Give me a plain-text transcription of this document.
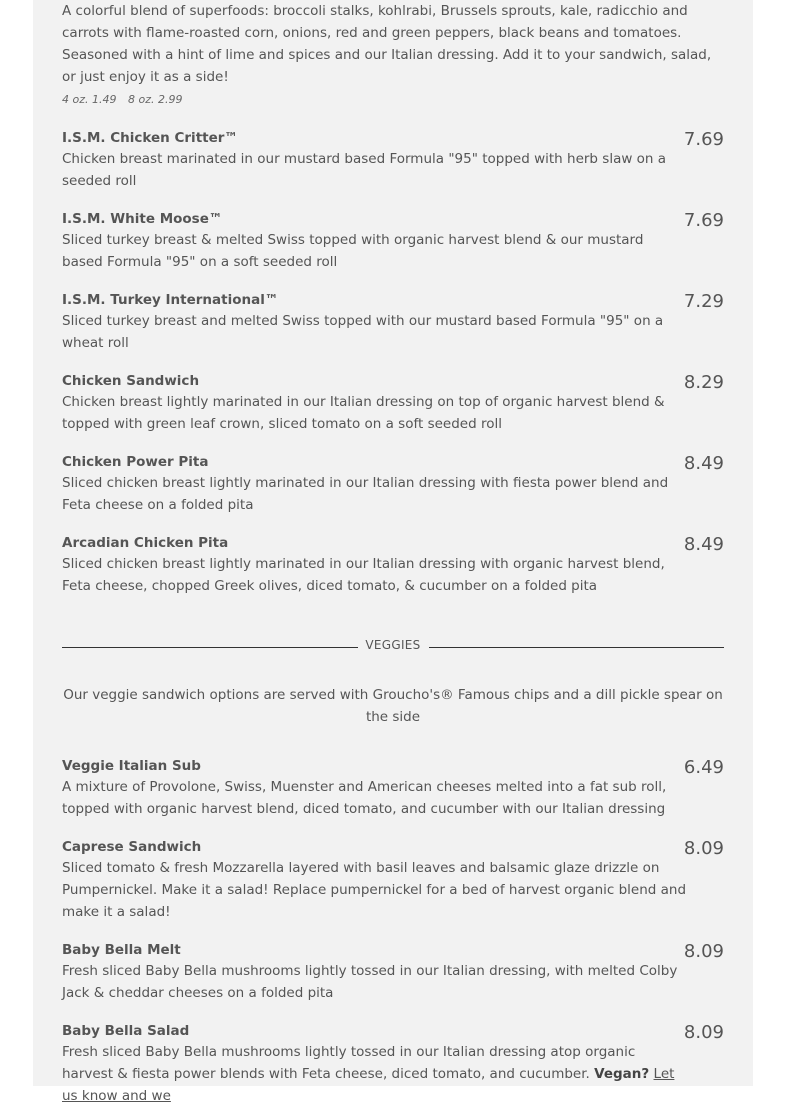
A colorful blend of superfoods: broccoli stalks, kohlrabi, Brussels sprouts, kale, radicchio and carrots with flame-roasted corn, onions, red and green peppers, black beans and tomatoes. Seasoned with a hint of lime and spices and our Italian dressing. Add it to your sandwich, salad, or just enjoy it as a side!

4 oz. 1.49 8 oz. 2.99
I.S.M. Chicken Critter™	7.69
Chicken breast marinated in our mustard based Formula "95" topped with herb slaw on a seeded roll
I.S.M. White Moose™	7.69
Sliced turkey breast & melted Swiss topped with organic harvest blend & our mustard based Formula "95" on a soft seeded roll
I.S.M. Turkey International™	7.29
Sliced turkey breast and melted Swiss topped with our mustard based Formula "95" on a wheat roll
Chicken Sandwich	8.29
Chicken breast lightly marinated in our Italian dressing on top of organic harvest blend & topped with green leaf crown, sliced tomato on a soft seeded roll
Chicken Power Pita	8.49
Sliced chicken breast lightly marinated in our Italian dressing with fiesta power blend and Feta cheese on a folded pita
Arcadian Chicken Pita	8.49
Sliced chicken breast lightly marinated in our Italian dressing with organic harvest blend, Feta cheese, chopped Greek olives, diced tomato, & cucumber on a folded pita
VEGGIES
Our veggie sandwich options are served with Groucho's® Famous chips and a dill pickle spear on the side
Veggie Italian Sub	6.49
A mixture of Provolone, Swiss, Muenster and American cheeses melted into a fat sub roll, topped with organic harvest blend, diced tomato, and cucumber with our Italian dressing
Caprese Sandwich	8.09
Sliced tomato & fresh Mozzarella layered with basil leaves and balsamic glaze drizzle on Pumpernickel. Make it a salad! Replace pumpernickel for a bed of harvest organic blend and make it a salad!
Baby Bella Melt	8.09
Fresh sliced Baby Bella mushrooms lightly tossed in our Italian dressing, with melted Colby Jack & cheddar cheeses on a folded pita
Baby Bella Salad	8.09
Fresh sliced Baby Bella mushrooms lightly tossed in our Italian dressing atop organic harvest & fiesta power blends with Feta cheese, diced tomato, and cucumber. Vegan? Let us know and we
